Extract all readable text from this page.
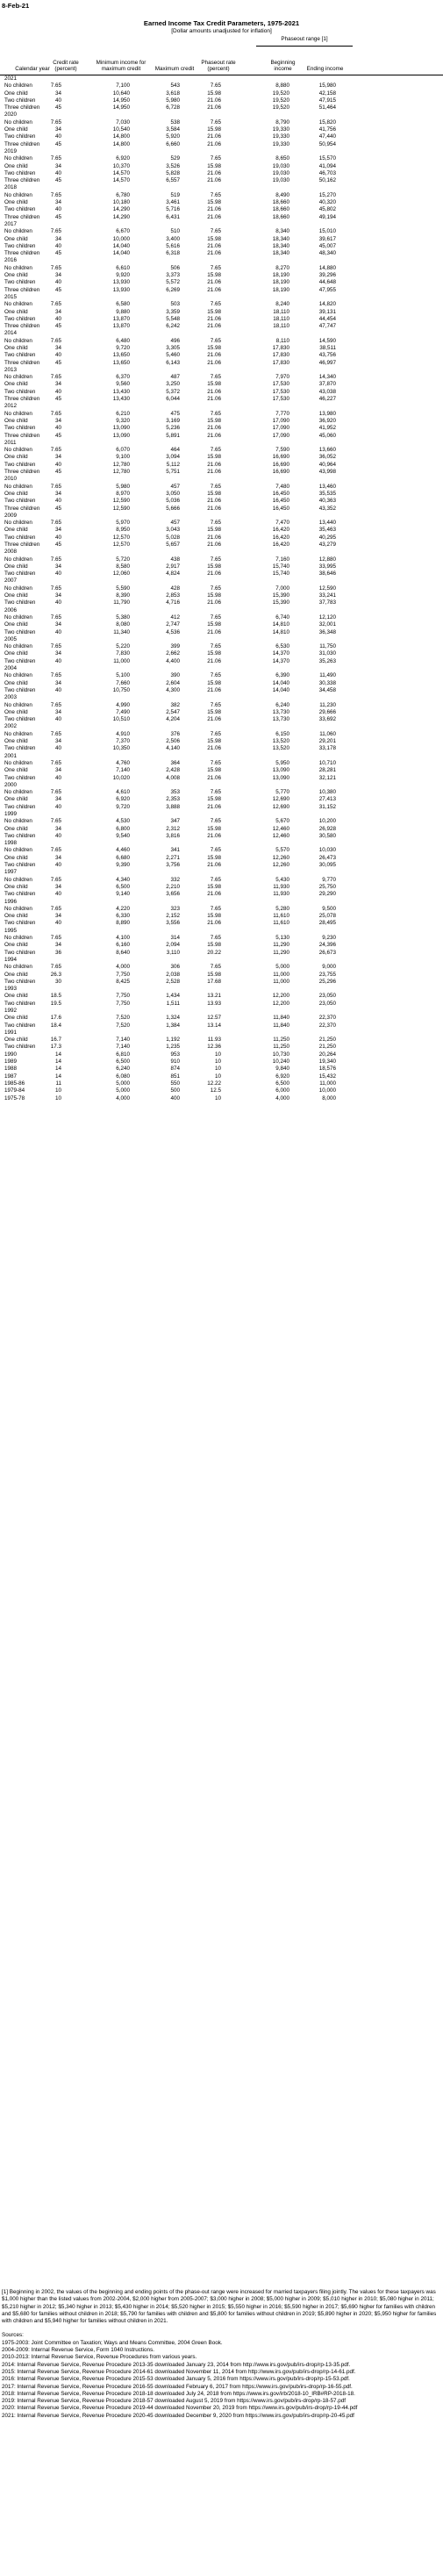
8-Feb-21
Earned Income Tax Credit Parameters, 1975-2021
[Dollar amounts unadjusted for inflation]
Calendar year
Credit rate (percent)
Minimum income for maximum credit	Maximum credit
Phaseout rate (percent)
Beginning income	Ending income
Phaseout range [1]
2021
No children	7.65	7,100	543	7.65	8,880	15,980
One child	34	10,640	3,618	15.98	19,520	42,158
Two children	40	14,950	5,980	21.06	19,520	47,915
Three children	45	14,950	6,728	21.06	19,520	51,464
2020
No children	7.65	7,030	538	7.65	8,790	15,820
One child	34	10,540	3,584	15.98	19,330	41,756
Two children	40	14,800	5,920	21.06	19,330	47,440
Three children	45	14,800	6,660	21.06	19,330	50,954
2019
No children	7.65	6,920	529	7.65	8,650	15,570
One child	34	10,370	3,526	15.98	19,030	41,094
Two children	40	14,570	5,828	21.06	19,030	46,703
Three children	45	14,570	6,557	21.06	19,030	50,162
2018
No children	7.65	6,780	519	7.65	8,490	15,270
One child	34	10,180	3,461	15.98	18,660	40,320
Two children	40	14,290	5,716	21.06	18,660	45,802
Three children	45	14,290	6,431	21.06	18,660	49,194
2017
No children	7.65	6,670	510	7.65	8,340	15,010
One child	34	10,000	3,400	15.98	18,340	39,617
Two children	40	14,040	5,616	21.06	18,340	45,007
Three children	45	14,040	6,318	21.06	18,340	48,340
2016
No children	7.65	6,610	506	7.65	8,270	14,880
One child	34	9,920	3,373	15.98	18,190	39,296
Two children	40	13,930	5,572	21.06	18,190	44,648
Three children	45	13,930	6,269	21.06	18,190	47,955
2015
No children	7.65	6,580	503	7.65	8,240	14,820
One child	34	9,880	3,359	15.98	18,110	39,131
Two children	40	13,870	5,548	21.06	18,110	44,454
Three children	45	13,870	6,242	21.06	18,110	47,747
2014
No children	7.65	6,480	496	7.65	8,110	14,590
One child	34	9,720	3,305	15.98	17,830	38,511
Two children	40	13,650	5,460	21.06	17,830	43,756
Three children	45	13,650	6,143	21.06	17,830	46,997
2013
No children	7.65	6,370	487	7.65	7,970	14,340
One child	34	9,560	3,250	15.98	17,530	37,870
Two children	40	13,430	5,372	21.06	17,530	43,038
Three children	45	13,430	6,044	21.06	17,530	46,227
2012
No children	7.65	6,210	475	7.65	7,770	13,980
One child	34	9,320	3,169	15.98	17,090	36,920
Two children	40	13,090	5,236	21.06	17,090	41,952
Three children	45	13,090	5,891	21.06	17,090	45,060
2011
No children	7.65	6,070	464	7.65	7,590	13,660
One child	34	9,100	3,094	15.98	16,690	36,052
Two children	40	12,780	5,112	21.06	16,690	40,964
Three children	45	12,780	5,751	21.06	16,690	43,998
2010
No children	7.65	5,980	457	7.65	7,480	13,460
One child	34	8,970	3,050	15.98	16,450	35,535
Two children	40	12,590	5,036	21.06	16,450	40,363
Three children	45	12,590	5,666	21.06	16,450	43,352
2009
No children	7.65	5,970	457	7.65	7,470	13,440
One child	34	8,950	3,043	15.98	16,420	35,463
Two children	40	12,570	5,028	21.06	16,420	40,295
Three children	45	12,570	5,657	21.06	16,420	43,279
2008
No children	7.65	5,720	438	7.65	7,160	12,880
One child	34	8,580	2,917	15.98	15,740	33,995
Two children	40	12,060	4,824	21.06	15,740	38,646
2007
No children	7.65	5,590	428	7.65	7,000	12,590
One child	34	8,390	2,853	15.98	15,390	33,241
Two children	40	11,790	4,716	21.06	15,390	37,783
2006
No children	7.65	5,380	412	7.65	6,740	12,120
One child	34	8,080	2,747	15.98	14,810	32,001
Two children	40	11,340	4,536	21.06	14,810	36,348
2005
No children	7.65	5,220	399	7.65	6,530	11,750
One child	34	7,830	2,662	15.98	14,370	31,030
Two children	40	11,000	4,400	21.06	14,370	35,263
2004
No children	7.65	5,100	390	7.65	6,390	11,490
One child	34	7,660	2,604	15.98	14,040	30,338
Two children	40	10,750	4,300	21.06	14,040	34,458
2003
No children	7.65	4,990	382	7.65	6,240	11,230
One child	34	7,490	2,547	15.98	13,730	29,666
Two children	40	10,510	4,204	21.06	13,730	33,692
2002
No children	7.65	4,910	376	7.65	6,150	11,060
One child	34	7,370	2,506	15.98	13,520	29,201
Two children	40	10,350	4,140	21.06	13,520	33,178
2001
No children	7.65	4,760	364	7.65	5,950	10,710
One child	34	7,140	2,428	15.98	13,090	28,281
Two children	40	10,020	4,008	21.06	13,090	32,121
2000
No children	7.65	4,610	353	7.65	5,770	10,380
One child	34	6,920	2,353	15.98	12,690	27,413
Two children	40	9,720	3,888	21.06	12,690	31,152
1999
No children	7.65	4,530	347	7.65	5,670	10,200
One child	34	6,800	2,312	15.98	12,460	26,928
Two children	40	9,540	3,816	21.06	12,460	30,580
1998
No children	7.65	4,460	341	7.65	5,570	10,030
One child	34	6,680	2,271	15.98	12,260	26,473
Two children	40	9,390	3,756	21.06	12,260	30,095
1997
No children	7.65	4,340	332	7.65	5,430	9,770
One child	34	6,500	2,210	15.98	11,930	25,750
Two children	40	9,140	3,656	21.06	11,930	29,290
1996
No children	7.65	4,220	323	7.65	5,280	9,500
One child	34	6,330	2,152	15.98	11,610	25,078
Two children	40	8,890	3,556	21.06	11,610	28,495
1995
No children	7.65	4,100	314	7.65	5,130	9,230
One child	34	6,160	2,094	15.98	11,290	24,396
Two children	36	8,640	3,110	20.22	11,290	26,673
1994
No children	7.65	4,000	306	7.65	5,000	9,000
One child	26.3	7,750	2,038	15.98	11,000	23,755
Two children	30	8,425	2,528	17.68	11,000	25,296
1993
One child	18.5	7,750	1,434	13.21	12,200	23,050
Two children	19.5	7,750	1,511	13.93	12,200	23,050
1992
One child	17.6	7,520	1,324	12.57	11,840	22,370
Two children	18.4	7,520	1,384	13.14	11,840	22,370
1991
One child	16.7	7,140	1,192	11.93	11,250	21,250
Two children	17.3	7,140	1,235	12.36	11,250	21,250
1990	14	6,810	953	10	10,730	20,264
1989	14	6,500	910	10	10,240	19,340
1988	14	6,240	874	10	9,840	18,576
1987	14	6,080	851	10	6,920	15,432
1985-86	11	5,000	550	12.22	6,500	11,000
1979-84	10	5,000	500	12.5	6,000	10,000
1975-78	10	4,000	400	10	4,000	8,000

[1] Beginning in 2002, the values of the beginning and ending points of the phase-out range were increased for married taxpayers filing jointly. The values for these taxpayers was $1,000 higher than the listed values from 2002-2004, $2,000 higher from 2005-2007; $3,000 higher in 2008; $5,000 higher in 2009; $5,010 higher in 2010; $5,080 higher in 2011; $5,210 higher in 2012; $5,340 higher in 2013; $5,430 higher in 2014; $5,520 higher in 2015; $5,550 higher in 2016; $5,590 higher in 2017; $5,690 higher for families with children and $5,680 for families without children in 2018; $5,790 for families with children and $5,800 for families without children in 2019; $5,890 higher in 2020; $5,950 higher for families with children and $5,940 higher for families without children in 2021.

Sources:

1975-2003: Joint Committee on Taxation; Ways and Means Committee, 2004 Green Book.

2004-2009: Internal Revenue Service, Form 1040 Instructions.

2010-2013: Internal Revenue Service, Revenue Procedures from various years.

2014: Internal Revenue Service, Revenue Procedure 2013-35 downloaded January 23, 2014 from http://www.irs.gov/pub/irs-drop/rp-13-35.pdf.

2015: Internal Revenue Service, Revenue Procedure 2014-61 downloaded November 11, 2014 from http://www.irs.gov/pub/irs-drop/rp-14-61.pdf.

2016: Internal Revenue Service, Revenue Procedure 2015-53 downloaded January 5, 2016 from https://www.irs.gov/pub/irs-drop/rp-15-53.pdf.

2017: Internal Revenue Service, Revenue Procedure 2016-55 downloaded February 6, 2017 from https://www.irs.gov/pub/irs-drop/rp-16-55.pdf.

2018: Internal Revenue Service, Revenue Procedure 2018-18 downloaded July 24, 2018 from https://www.irs.gov/irb/2018-10_IRB#RP-2018-18.

2019: Internal Revenue Service, Revenue Procedure 2018-57 downloaded August 5, 2019 from https://www.irs.gov/pub/irs-drop/rp-18-57.pdf

2020: Internal Revenue Service, Revenue Procedure 2019-44 downloaded November 20, 2019 from https://www.irs.gov/pub/irs-drop/rp-19-44.pdf

2021: Internal Revenue Service, Revenue Procedure 2020-45 downloaded December 9, 2020 from https://www.irs.gov/pub/irs-drop/rp-20-45.pdf
